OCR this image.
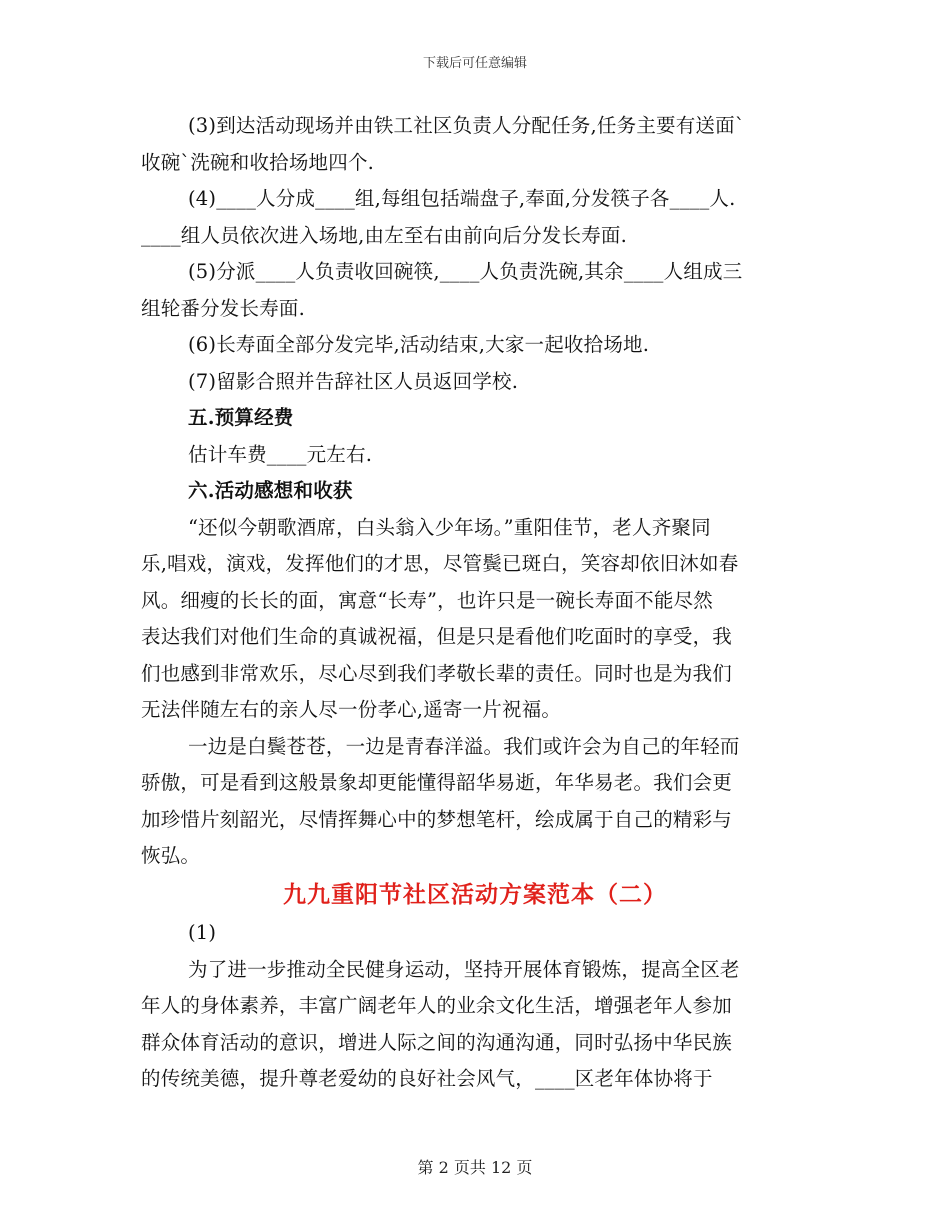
下载后可任意编辑
(3)到达活动现场并由铁工社区负责人分配任务,任务主要有送面`
收碗`洗碗和收拾场地四个.
(4)____人分成____组,每组包括端盘子,奉面,分发筷子各____人.
____组人员依次进入场地,由左至右由前向后分发长寿面.
(5)分派____人负责收回碗筷,____人负责洗碗,其余____人组成三
组轮番分发长寿面.
(6)长寿面全部分发完毕,活动结束,大家一起收拾场地.
(7)留影合照并告辞社区人员返回学校.
五.预算经费
估计车费____元左右.
六.活动感想和收获
“还似今朝歌酒席，白头翁入少年场。”重阳佳节，老人齐聚同
乐,唱戏，演戏，发挥他们的才思，尽管鬓已斑白，笑容却依旧沐如春
风。细瘦的长长的面，寓意“长寿”，也许只是一碗长寿面不能尽然
表达我们对他们生命的真诚祝福，但是只是看他们吃面时的享受，我
们也感到非常欢乐，尽心尽到我们孝敬长辈的责任。同时也是为我们
无法伴随左右的亲人尽一份孝心,遥寄一片祝福。
一边是白鬓苍苍，一边是青春洋溢。我们或许会为自己的年轻而
骄傲，可是看到这般景象却更能懂得韶华易逝，年华易老。我们会更
加珍惜片刻韶光，尽情挥舞心中的梦想笔杆，绘成属于自己的精彩与
恢弘。
九九重阳节社区活动方案范本（二）
(1)
为了进一步推动全民健身运动，坚持开展体育锻炼，提高全区老
年人的身体素养，丰富广阔老年人的业余文化生活，增强老年人参加
群众体育活动的意识，增进人际之间的沟通沟通，同时弘扬中华民族
的传统美德，提升尊老爱幼的良好社会风气，____区老年体协将于
第 2 页共 12 页
